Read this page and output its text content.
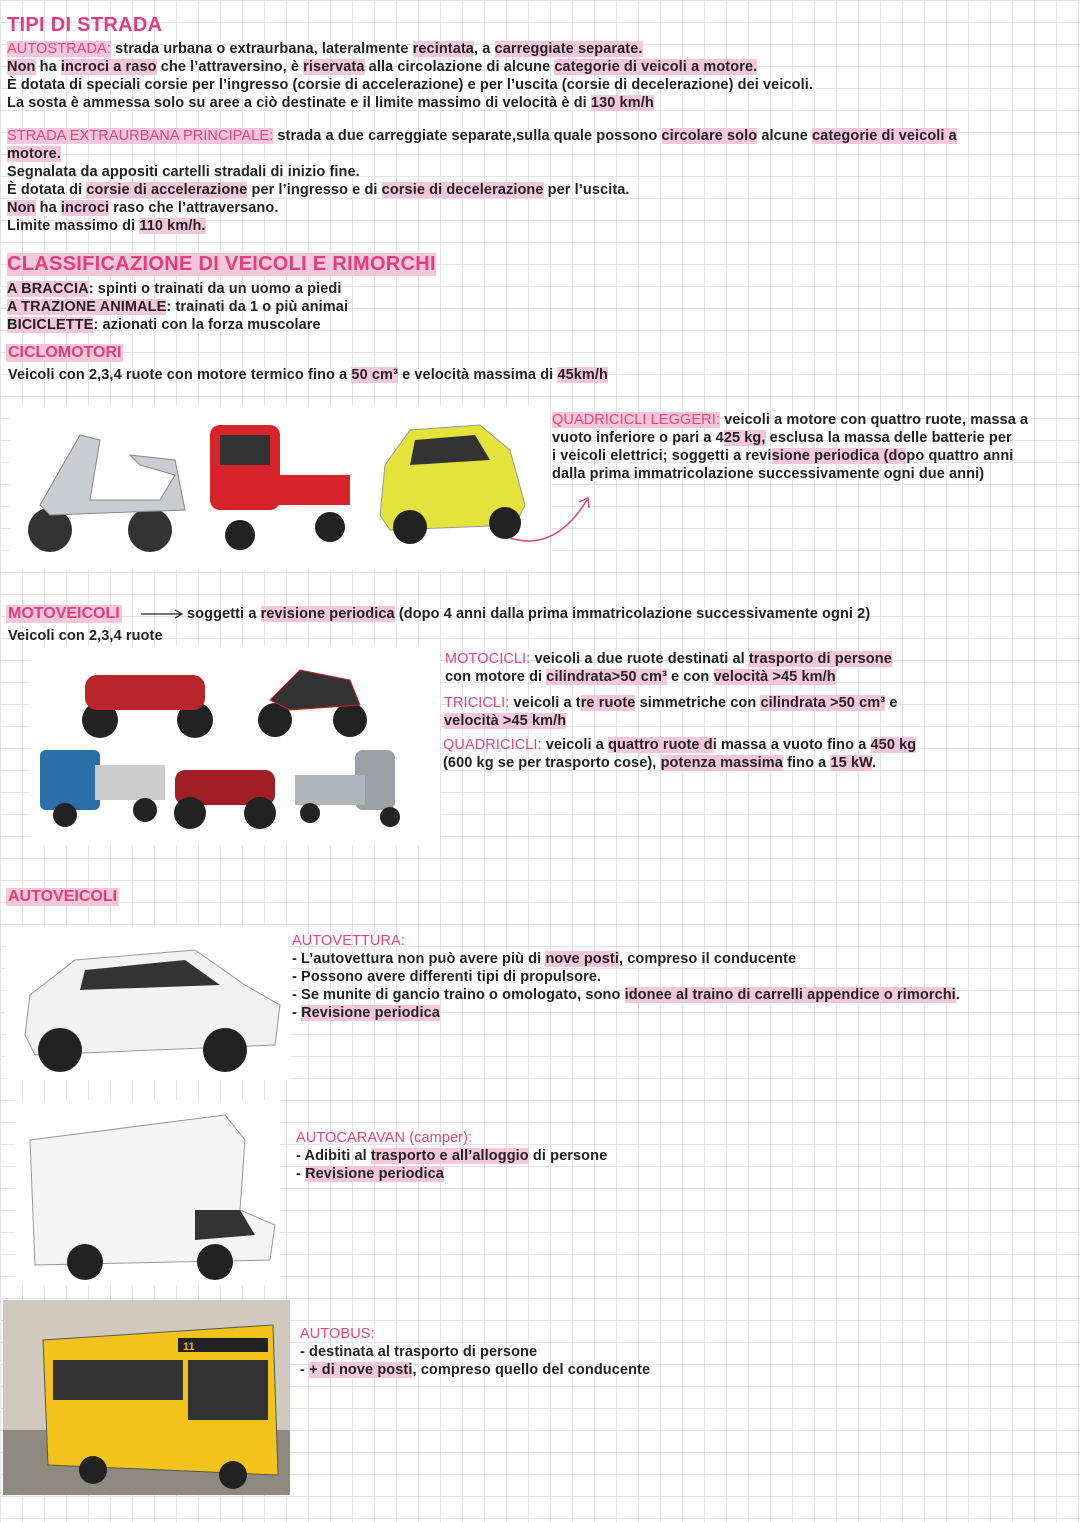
TIPI DI STRADA
AUTOSTRADA: strada urbana o extraurbana, lateralmente recintata, a carreggiate separate.
Non ha incroci a raso che l’attraversino, è riservata alla circolazione di alcune categorie di veicoli a motore.
È dotata di speciali corsie per l’ingresso (corsie di accelerazione) e per l’uscita (corsie di decelerazione) dei veicoli.
La sosta è ammessa solo su aree a ciò destinate e il limite massimo di velocità è di 130 km/h
STRADA EXTRAURBANA PRINCIPALE: strada a due carreggiate separate,sulla quale possono circolare solo alcune categorie di veicoli a
motore.
Segnalata da appositi cartelli stradali di inizio fine.
È dotata di corsie di accelerazione per l’ingresso e di corsie di decelerazione per l’uscita.
Non ha incroci raso che l’attraversano.
Limite massimo di 110 km/h.
CLASSIFICAZIONE DI VEICOLI E RIMORCHI
A BRACCIA: spinti o trainati da un uomo a piedi
A TRAZIONE ANIMALE: trainati da 1 o più animai
BICICLETTE: azionati con la forza muscolare
CICLOMOTORI
Veicoli con 2,3,4 ruote con motore termico fino a 50 cm³ e velocità massima di 45km/h
QUADRICICLI LEGGERI: veicoli a motore con quattro ruote, massa a
vuoto inferiore o pari a 425 kg, esclusa la massa delle batterie per
i veicoli elettrici; soggetti a revisione periodica (dopo quattro anni
dalla prima immatricolazione successivamente ogni due anni)
MOTOVEICOLI	soggetti a revisione periodica (dopo 4 anni dalla prima immatricolazione successivamente ogni 2)
Veicoli con 2,3,4 ruote
MOTOCICLI: veicoli a due ruote destinati al trasporto di persone
con motore di cilindrata>50 cm³ e con velocità >45 km/h
TRICICLI: veicoli a tre ruote simmetriche con cilindrata >50 cm³ e
velocità >45 km/h
QUADRICICLI: veicoli a quattro ruote di massa a vuoto fino a 450 kg
(600 kg se per trasporto cose), potenza massima fino a 15 kW.
AUTOVEICOLI
AUTOVETTURA:
- L’autovettura non può avere più di nove posti, compreso il conducente
- Possono avere differenti tipi di propulsore.
- Se munite di gancio traino o omologato, sono idonee al traino di carrelli appendice o rimorchi.
- Revisione periodica
AUTOCARAVAN (camper):
- Adibiti al trasporto e all’alloggio di persone
- Revisione periodica
11
AUTOBUS:
- destinata al trasporto di persone
- + di nove posti, compreso quello del conducente
